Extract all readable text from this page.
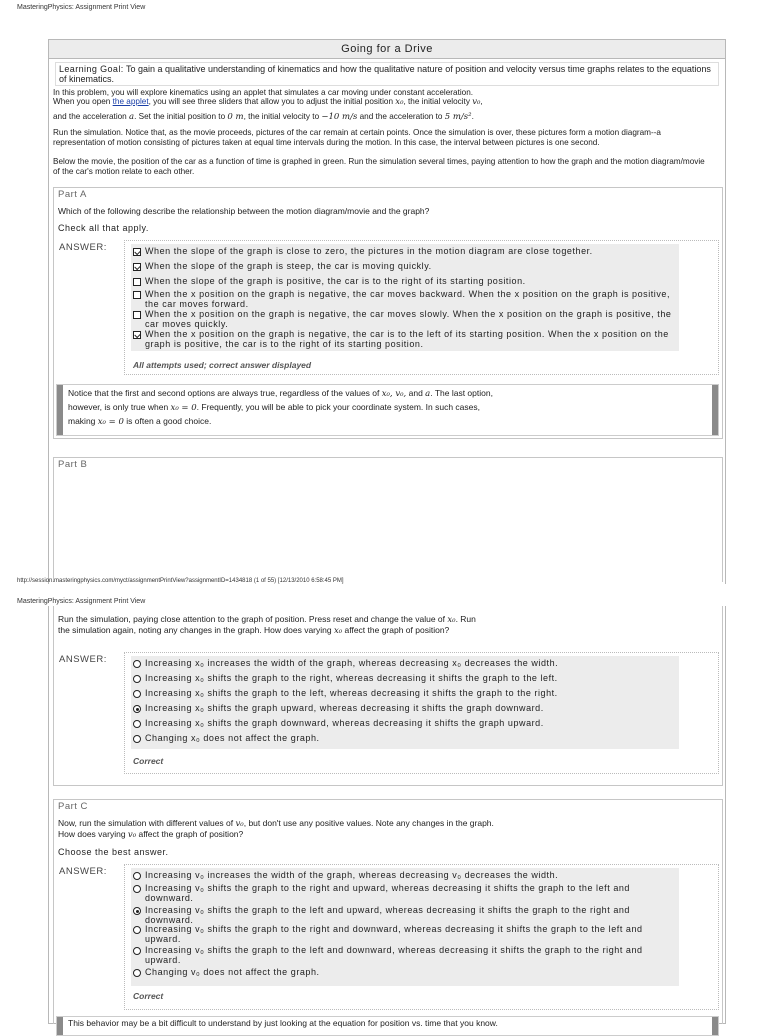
MasteringPhysics: Assignment Print View
Going for a Drive
Learning Goal: To gain a qualitative understanding of kinematics and how the qualitative nature of position and velocity versus time graphs relates to the equations of kinematics.
In this problem, you will explore kinematics using an applet that simulates a car moving under constant acceleration.
When you open the applet, you will see three sliders that allow you to adjust the initial position x₀, the initial velocity v₀,
and the acceleration a. Set the initial position to 0 m, the initial velocity to −10 m/s and the acceleration to 5 m/s².
Run the simulation. Notice that, as the movie proceeds, pictures of the car remain at certain points. Once the simulation is over, these pictures form a motion diagram--a representation of motion consisting of pictures taken at equal time intervals during the motion. In this case, the interval between pictures is one second.
Below the movie, the position of the car as a function of time is graphed in green. Run the simulation several times, paying attention to how the graph and the motion diagram/movie of the car's motion relate to each other.
Part A
Which of the following describe the relationship between the motion diagram/movie and the graph?
Check all that apply.
ANSWER:	When the slope of the graph is close to zero, the pictures in the motion diagram are close together.
When the slope of the graph is steep, the car is moving quickly.
When the slope of the graph is positive, the car is to the right of its starting position.
When the x position on the graph is negative, the car moves backward. When the x position on the graph is positive, the car moves forward.
When the x position on the graph is negative, the car moves slowly. When the x position on the graph is positive, the car moves quickly.
When the x position on the graph is negative, the car is to the left of its starting position. When the x position on the graph is positive, the car is to the right of its starting position.
All attempts used; correct answer displayed
Notice that the first and second options are always true, regardless of the values of x₀, v₀, and a. The last option,
however, is only true when x₀ = 0. Frequently, you will be able to pick your coordinate system. In such cases,
making x₀ = 0 is often a good choice.
Part B
http://session.masteringphysics.com/myct/assignmentPrintView?assignmentID=1434818 (1 of 55) [12/13/2010 6:58:45 PM]
MasteringPhysics: Assignment Print View
Run the simulation, paying close attention to the graph of position. Press reset and change the value of x₀. Run
the simulation again, noting any changes in the graph. How does varying x₀ affect the graph of position?
ANSWER:	Increasing x₀ increases the width of the graph, whereas decreasing x₀ decreases the width.
Increasing x₀ shifts the graph to the right, whereas decreasing it shifts the graph to the left.
Increasing x₀ shifts the graph to the left, whereas decreasing it shifts the graph to the right.
Increasing x₀ shifts the graph upward, whereas decreasing it shifts the graph downward.
Increasing x₀ shifts the graph downward, whereas decreasing it shifts the graph upward.
Changing x₀ does not affect the graph.
Correct
Part C
Now, run the simulation with different values of v₀, but don't use any positive values. Note any changes in the graph.
How does varying v₀ affect the graph of position?
Choose the best answer.
ANSWER:	Increasing v₀ increases the width of the graph, whereas decreasing v₀ decreases the width.
Increasing v₀ shifts the graph to the right and upward, whereas decreasing it shifts the graph to the left and downward.
Increasing v₀ shifts the graph to the left and upward, whereas decreasing it shifts the graph to the right and downward.
Increasing v₀ shifts the graph to the right and downward, whereas decreasing it shifts the graph to the left and upward.
Increasing v₀ shifts the graph to the left and downward, whereas decreasing it shifts the graph to the right and upward.
Changing v₀ does not affect the graph.
Correct
This behavior may be a bit difficult to understand by just looking at the equation for position vs. time that you know.
